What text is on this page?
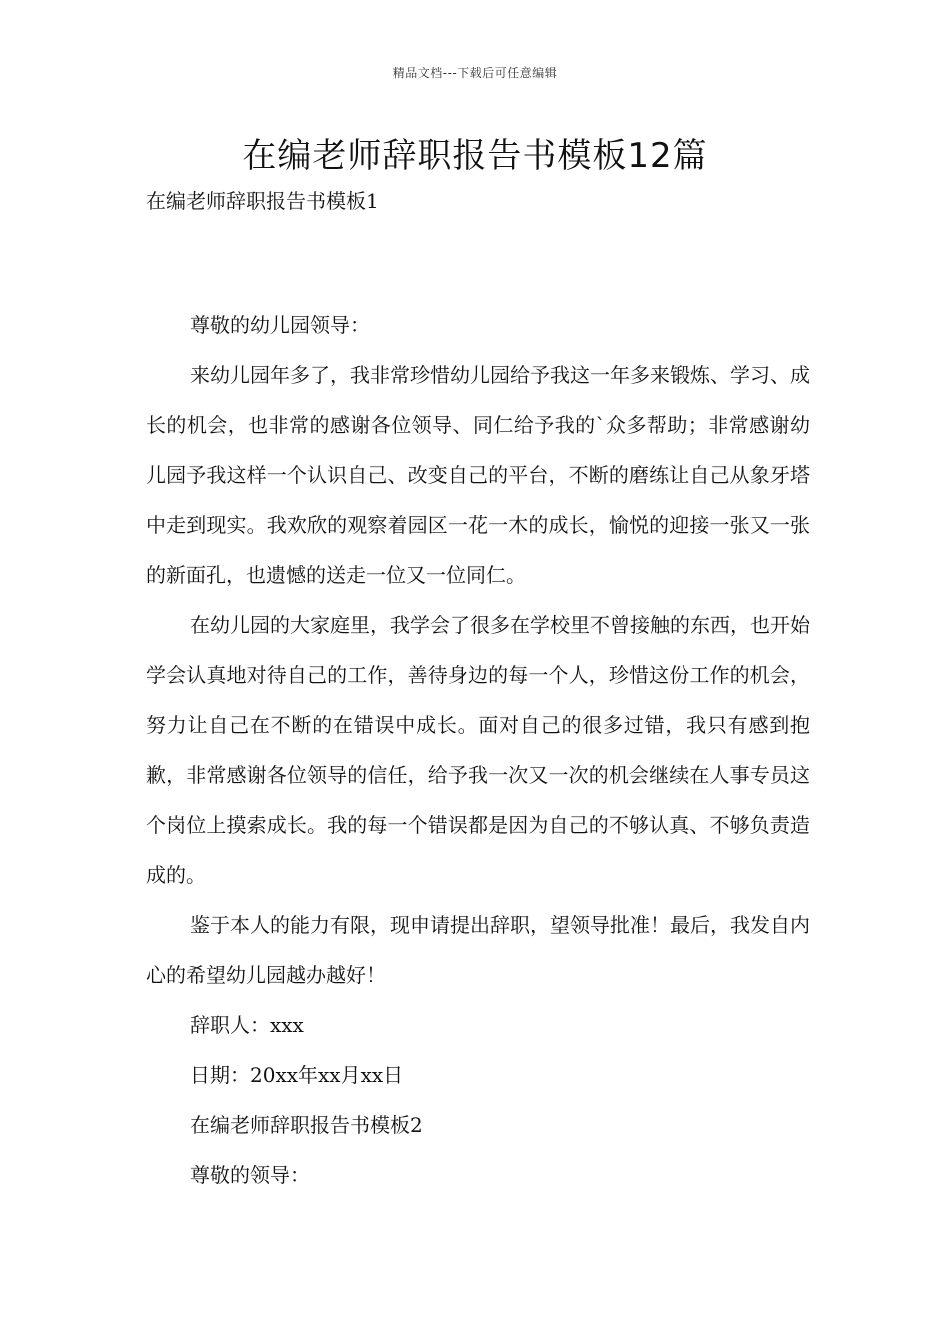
精品文档---下载后可任意编辑
在编老师辞职报告书模板12篇

在编老师辞职报告书模板1

尊敬的幼儿园领导：

来幼儿园年多了，我非常珍惜幼儿园给予我这一年多来锻炼、学习、成长的机会，也非常的感谢各位领导、同仁给予我的`众多帮助；非常感谢幼儿园予我这样一个认识自己、改变自己的平台，不断的磨练让自己从象牙塔中走到现实。我欢欣的观察着园区一花一木的成长，愉悦的迎接一张又一张的新面孔，也遗憾的送走一位又一位同仁。

在幼儿园的大家庭里，我学会了很多在学校里不曾接触的东西，也开始学会认真地对待自己的工作，善待身边的每一个人，珍惜这份工作的机会，努力让自己在不断的在错误中成长。面对自己的很多过错，我只有感到抱歉，非常感谢各位领导的信任，给予我一次又一次的机会继续在人事专员这个岗位上摸索成长。我的每一个错误都是因为自己的不够认真、不够负责造成的。

鉴于本人的能力有限，现申请提出辞职，望领导批准！最后，我发自内心的希望幼儿园越办越好！

辞职人：xxx

日期：20xx年xx月xx日

在编老师辞职报告书模板2

尊敬的领导：
